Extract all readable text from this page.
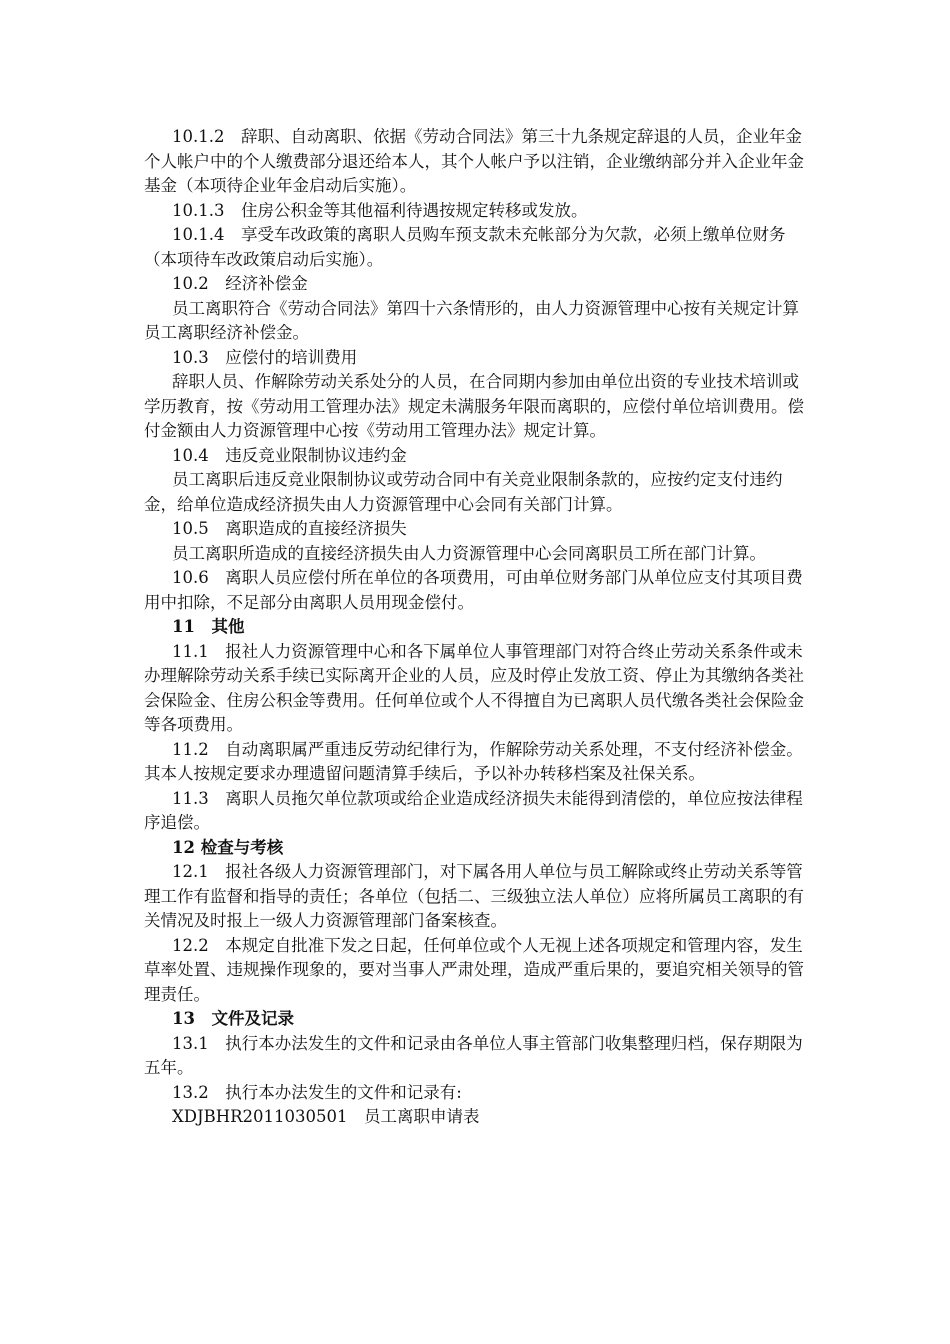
10.1.2　辞职、自动离职、依据《劳动合同法》第三十九条规定辞退的人员，企业年金个人帐户中的个人缴费部分退还给本人，其个人帐户予以注销，企业缴纳部分并入企业年金基金（本项待企业年金启动后实施）。

10.1.3　住房公积金等其他福利待遇按规定转移或发放。

10.1.4　享受车改政策的离职人员购车预支款未充帐部分为欠款，必须上缴单位财务（本项待车改政策启动后实施）。

10.2　经济补偿金

员工离职符合《劳动合同法》第四十六条情形的，由人力资源管理中心按有关规定计算员工离职经济补偿金。

10.3　应偿付的培训费用

辞职人员、作解除劳动关系处分的人员，在合同期内参加由单位出资的专业技术培训或学历教育，按《劳动用工管理办法》规定未满服务年限而离职的，应偿付单位培训费用。偿付金额由人力资源管理中心按《劳动用工管理办法》规定计算。

10.4　违反竞业限制协议违约金

员工离职后违反竞业限制协议或劳动合同中有关竞业限制条款的，应按约定支付违约金，给单位造成经济损失由人力资源管理中心会同有关部门计算。

10.5　离职造成的直接经济损失

员工离职所造成的直接经济损失由人力资源管理中心会同离职员工所在部门计算。

10.6　离职人员应偿付所在单位的各项费用，可由单位财务部门从单位应支付其项目费用中扣除，不足部分由离职人员用现金偿付。

11　其他

11.1　报社人力资源管理中心和各下属单位人事管理部门对符合终止劳动关系条件或未办理解除劳动关系手续已实际离开企业的人员，应及时停止发放工资、停止为其缴纳各类社会保险金、住房公积金等费用。任何单位或个人不得擅自为已离职人员代缴各类社会保险金等各项费用。

11.2　自动离职属严重违反劳动纪律行为，作解除劳动关系处理，不支付经济补偿金。其本人按规定要求办理遗留问题清算手续后，予以补办转移档案及社保关系。

11.3　离职人员拖欠单位款项或给企业造成经济损失未能得到清偿的，单位应按法律程序追偿。

12 检查与考核

12.1　报社各级人力资源管理部门，对下属各用人单位与员工解除或终止劳动关系等管理工作有监督和指导的责任；各单位（包括二、三级独立法人单位）应将所属员工离职的有关情况及时报上一级人力资源管理部门备案核查。

12.2　本规定自批准下发之日起，任何单位或个人无视上述各项规定和管理内容，发生草率处置、违规操作现象的，要对当事人严肃处理，造成严重后果的，要追究相关领导的管理责任。

13　文件及记录

13.1　执行本办法发生的文件和记录由各单位人事主管部门收集整理归档，保存期限为五年。

13.2　执行本办法发生的文件和记录有:

XDJBHR2011030501　员工离职申请表
